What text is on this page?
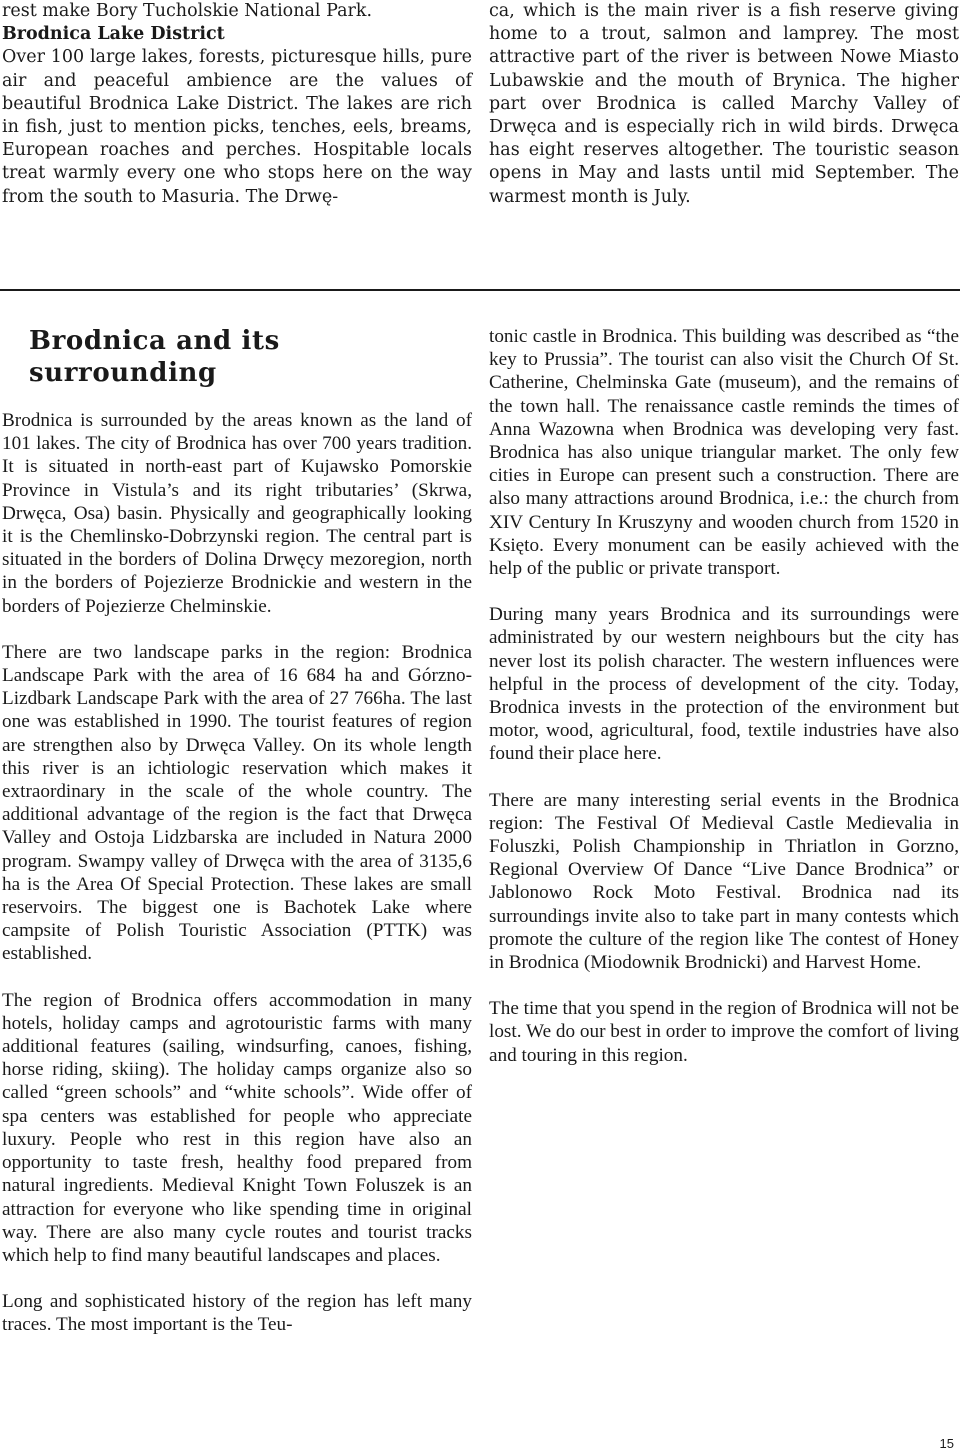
rest make Bory Tucholskie National Park.

Brodnica Lake District

Over 100 large lakes, forests, picturesque hills, pure air and peaceful ambience are the values of beautiful Brodnica Lake District. The lakes are rich in fish, just to mention picks, tenches, eels, breams, European roaches and perches. Hospitable locals treat warmly every one who stops here on the way from the south to Masuria. The Drwę-

ca, which is the main river is a fish reserve giving home to a trout, salmon and lamprey. The most attractive part of the river is between Nowe Miasto Lubawskie and the mouth of Brynica. The higher part over Brodnica is called Marchy Valley of Drwęca and is especially rich in wild birds. Drwęca has eight reserves altogether. The touristic season opens in May and lasts until mid September. The warmest month is July.

Brodnica and its surrounding

Brodnica is surrounded by the areas known as the land of 101 lakes. The city of Brodnica has over 700 years tradition. It is situated in north-east part of Kujawsko Pomorskie Province in Vistula’s and its right tributaries’ (Skrwa, Drwęca, Osa) basin. Physically and geographically looking it is the Chemlinsko-Dobrzynski region. The central part is situated in the borders of Dolina Drwęcy mezoregion, north in the borders of Pojezierze Brodnickie and western in the borders of Pojezierze Chelminskie.

There are two landscape parks in the region: Brodnica Landscape Park with the area of 16 684 ha and Górzno-Lizdbark Landscape Park with the area of 27 766ha. The last one was established in 1990. The tourist features of region are strengthen also by Drwęca Valley. On its whole length this river is an ichtiologic reservation which makes it extraordinary in the scale of the whole country. The additional advantage of the region is the fact that Drwęca Valley and Ostoja Lidzbarska are included in Natura 2000 program. Swampy valley of Drwęca with the area of 3135,6 ha is the Area Of Special Protection. These lakes are small reservoirs. The biggest one is Bachotek Lake where campsite of Polish Touristic Association (PTTK) was established.

The region of Brodnica offers accommodation in many hotels, holiday camps and agrotouristic farms with many additional features (sailing, windsurfing, canoes, fishing, horse riding, skiing). The holiday camps organize also so called “green schools” and “white schools”. Wide offer of spa centers was established for people who appreciate luxury. People who rest in this region have also an opportunity to taste fresh, healthy food prepared from natural ingredients. Medieval Knight Town Foluszek is an attraction for everyone who like spending time in original way. There are also many cycle routes and tourist tracks which help to find many beautiful landscapes and places.

Long and sophisticated history of the region has left many traces. The most important is the Teu-

tonic castle in Brodnica. This building was described as “the key to Prussia”. The tourist can also visit the Church Of St. Catherine, Chelminska Gate (museum), and the remains of the town hall. The renaissance castle reminds the times of Anna Wazowna when Brodnica was developing very fast. Brodnica has also unique triangular market. The only few cities in Europe can present such a construction. There are also many attractions around Brodnica, i.e.: the church from XIV Century In Kruszyny and wooden church from 1520 in Księto. Every monument can be easily achieved with the help of the public or private transport.

During many years Brodnica and its surroundings were administrated by our western neighbours but the city has never lost its polish character. The western influences were helpful in the process of development of the city. Today, Brodnica invests in the protection of the environment but motor, wood, agricultural, food, textile industries have also found their place here.

There are many interesting serial events in the Brodnica region: The Festival Of Medieval Castle Medievalia in Foluszki, Polish Championship in Thriatlon in Gorzno, Regional Overview Of Dance “Live Dance Brodnica” or Jablonowo Rock Moto Festival. Brodnica nad its surroundings invite also to take part in many contests which promote the culture of the region like The contest of Honey in Brodnica (Miodownik Brodnicki) and Harvest Home.

The time that you spend in the region of Brodnica will not be lost. We do our best in order to improve the comfort of living and touring in this region.

15
